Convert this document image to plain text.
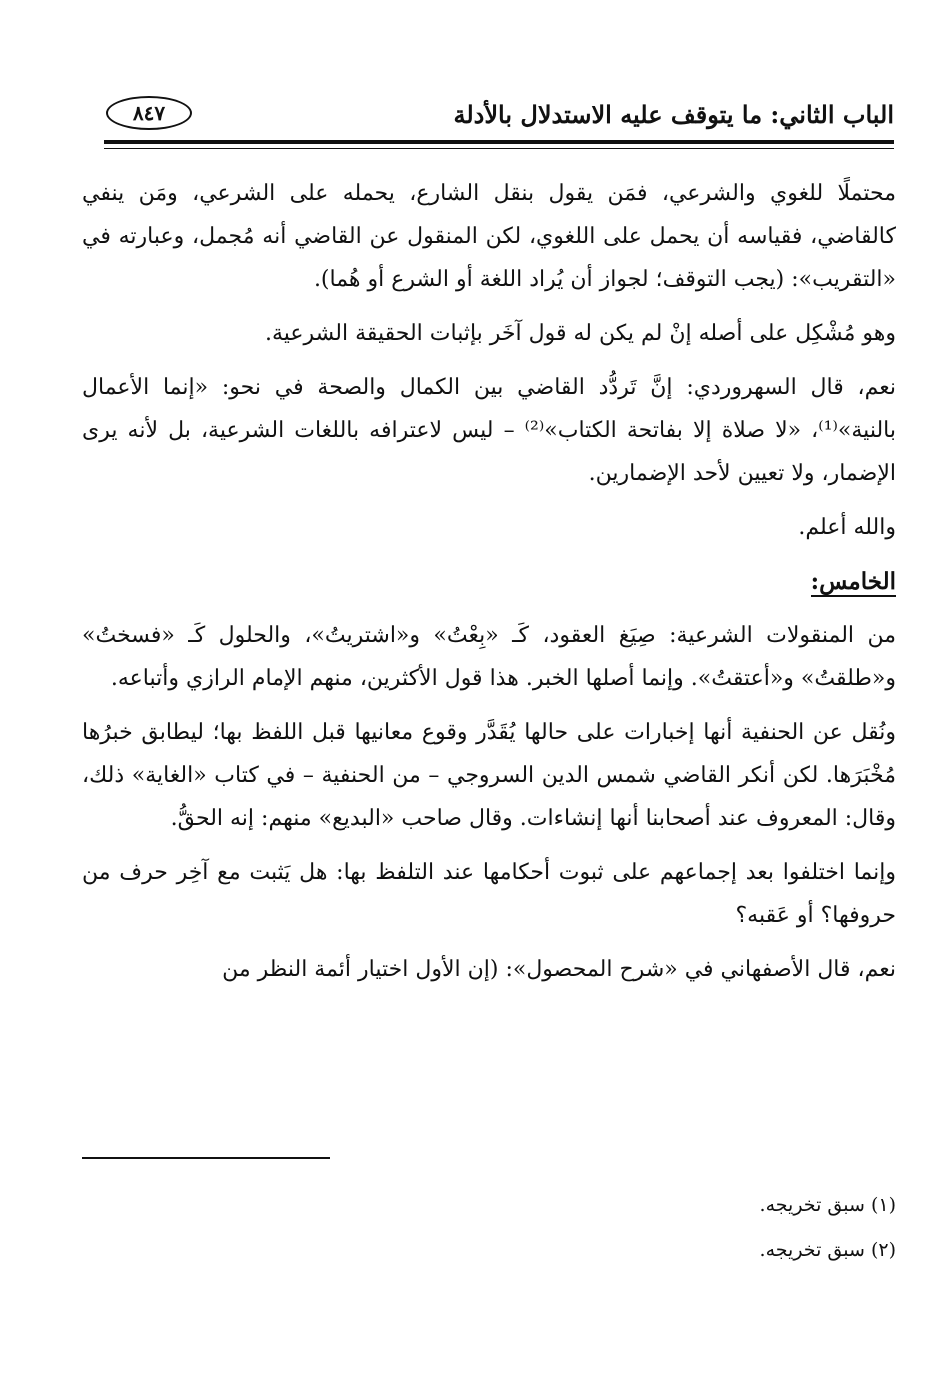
الباب الثاني: ما يتوقف عليه الاستدلال بالأدلة
٨٤٧

محتملًا للغوي والشرعي، فمَن يقول بنقل الشارع، يحمله على الشرعي، ومَن ينفي كالقاضي، فقياسه أن يحمل على اللغوي، لكن المنقول عن القاضي أنه مُجمل، وعبارته في «التقريب»: (يجب التوقف؛ لجواز أن يُراد اللغة أو الشرع أو هُما).

وهو مُشْكِل على أصله إنْ لم يكن له قول آخَر بإثبات الحقيقة الشرعية.

نعم، قال السهروردي: إنَّ تَردُّد القاضي بين الكمال والصحة في نحو: «إنما الأعمال بالنية»⁽¹⁾، «لا صلاة إلا بفاتحة الكتاب»⁽²⁾ – ليس لاعترافه باللغات الشرعية، بل لأنه يرى الإضمار، ولا تعيين لأحد الإضمارين.

والله أعلم.

الخامس:

من المنقولات الشرعية: صِيَغ العقود، كَـ «بِعْتُ» و«اشتريتُ»، والحلول كَـ «فسختُ» و«طلقتُ» و«أعتقتُ». وإنما أصلها الخبر. هذا قول الأكثرين، منهم الإمام الرازي وأتباعه.

ونُقل عن الحنفية أنها إخبارات على حالها يُقَدَّر وقوع معانيها قبل اللفظ بها؛ ليطابق خبرُها مُخْبَرَها. لكن أنكر القاضي شمس الدين السروجي – من الحنفية – في كتاب «الغاية» ذلك، وقال: المعروف عند أصحابنا أنها إنشاءات. وقال صاحب «البديع» منهم: إنه الحقُّ.

وإنما اختلفوا بعد إجماعهم على ثبوت أحكامها عند التلفظ بها: هل يَثبت مع آخِر حرف من حروفها؟ أو عَقبه؟

نعم، قال الأصفهاني في «شرح المحصول»: (إن الأول اختيار أئمة النظر من

(١) سبق تخريجه.

(٢) سبق تخريجه.
